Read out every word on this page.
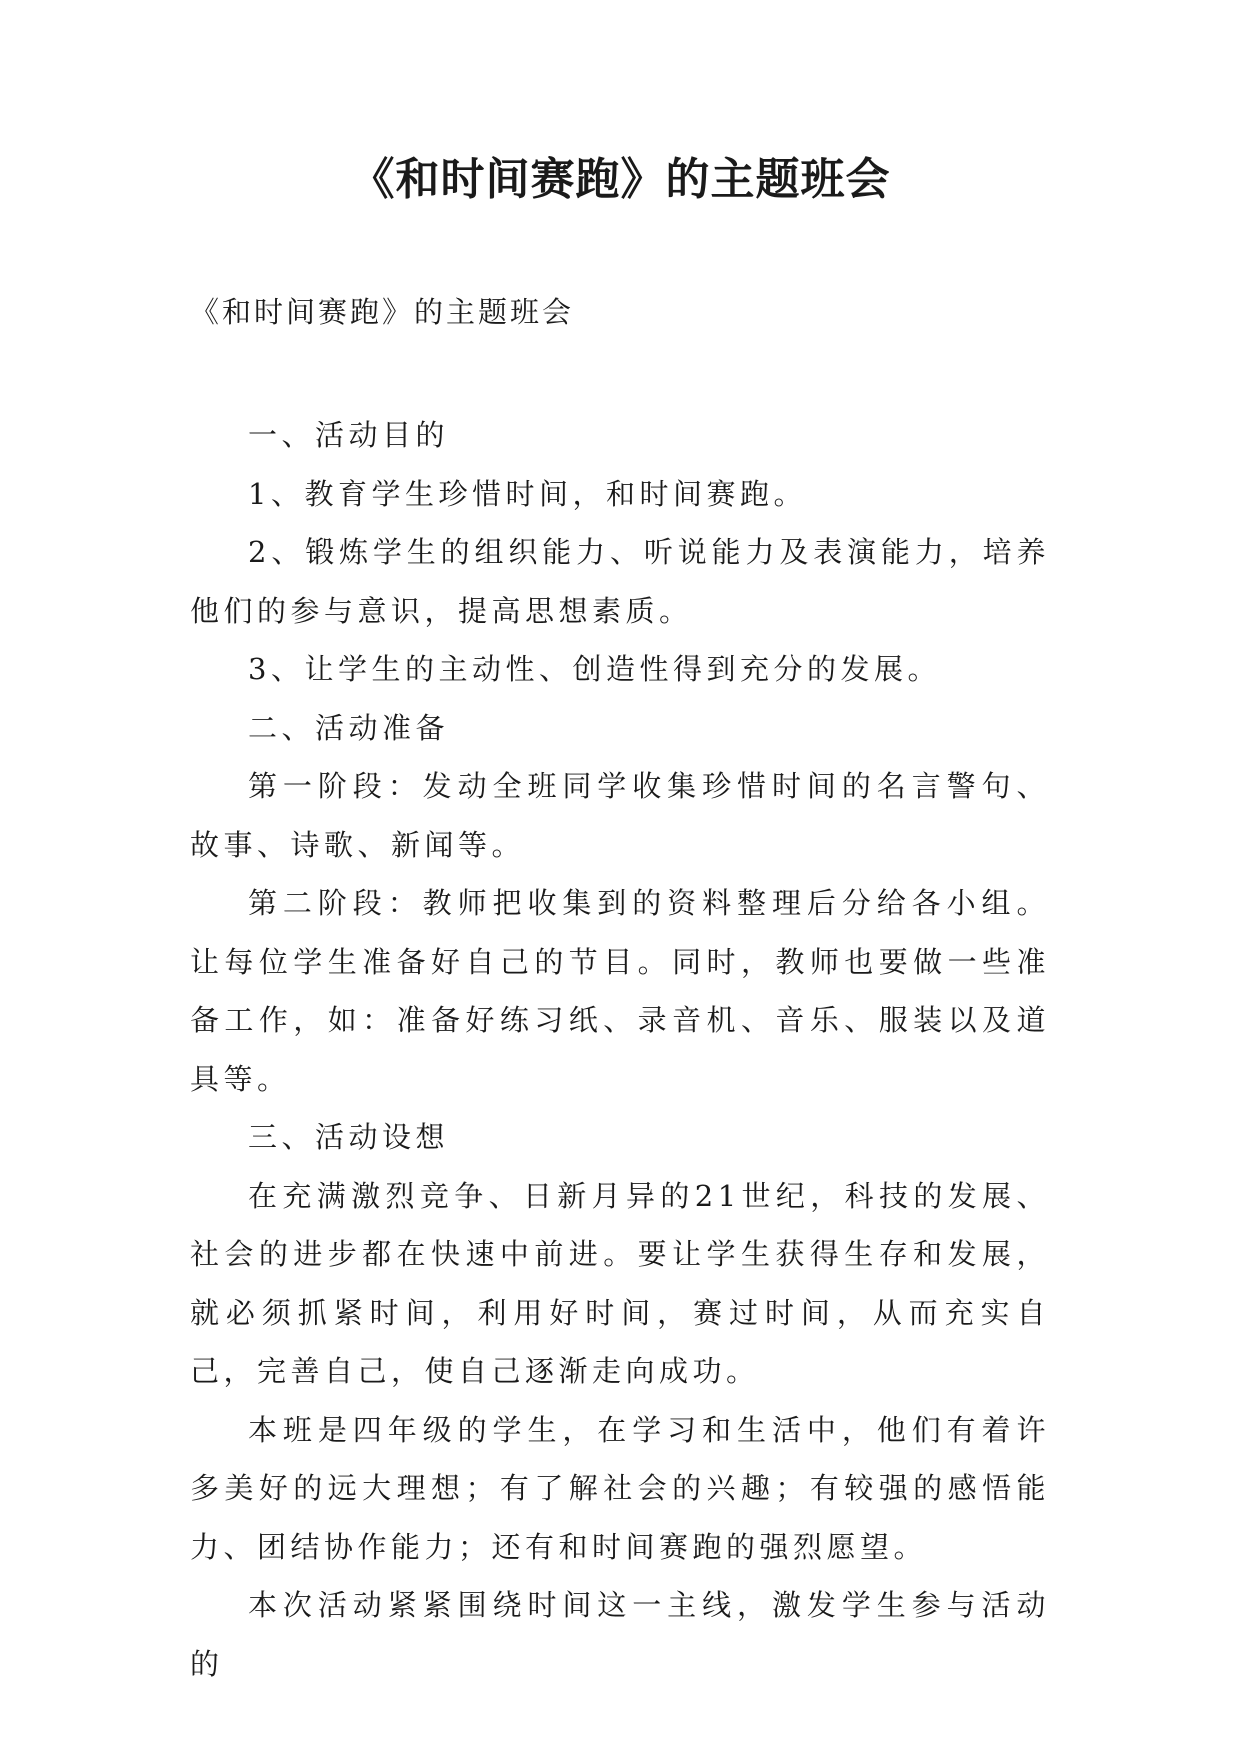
《和时间赛跑》的主题班会

《和时间赛跑》的主题班会

一、活动目的

1、教育学生珍惜时间，和时间赛跑。

2、锻炼学生的组织能力、听说能力及表演能力，培养他们的参与意识，提高思想素质。

3、让学生的主动性、创造性得到充分的发展。

二、活动准备

第一阶段：发动全班同学收集珍惜时间的名言警句、故事、诗歌、新闻等。

第二阶段：教师把收集到的资料整理后分给各小组。让每位学生准备好自己的节目。同时，教师也要做一些准备工作，如：准备好练习纸、录音机、音乐、服装以及道具等。

三、活动设想

在充满激烈竞争、日新月异的21世纪，科技的发展、社会的进步都在快速中前进。要让学生获得生存和发展，就必须抓紧时间，利用好时间，赛过时间，从而充实自己，完善自己，使自己逐渐走向成功。

本班是四年级的学生，在学习和生活中，他们有着许多美好的远大理想；有了解社会的兴趣；有较强的感悟能力、团结协作能力；还有和时间赛跑的强烈愿望。

本次活动紧紧围绕时间这一主线，激发学生参与活动的
